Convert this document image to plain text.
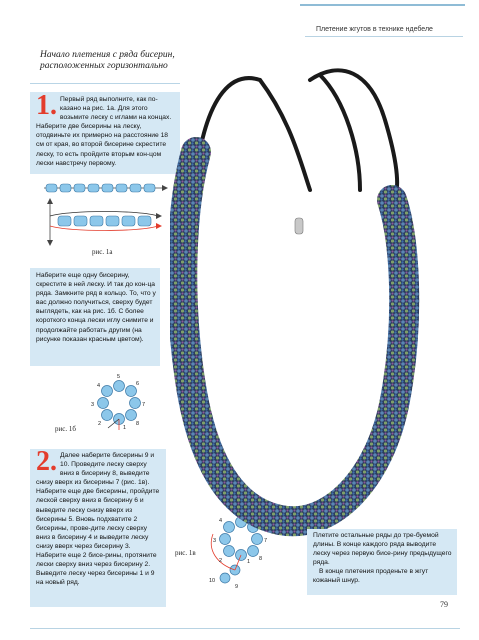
Плетение жгутов в технике ндебеле
Начало плетения с ряда бисерин, расположенных горизонтально
1. Первый ряд выполните, как по-казано на рис. 1а. Для этого возьмите леску с иглами на концах. Наберите две бисерины на леску, отодвиньте их примерно на расстояние 18 см от края, во второй бисерине скрестите леску, то есть пройдите вторым кон-цом лески навстречу первому.
рис. 1а
Наберите еще одну бисерину, скрестите в ней леску. И так до кон-ца ряда. Замкните ряд в кольцо. То, что у вас должно получиться, сверху будет выглядеть, как на рис. 1б. С более короткого конца лески иглу снимите и продолжайте работать другим (на рисунке показан красным цветом).
1
2
3
4
5
6
7
8
рис. 1б
2. Далее наберите бисерины 9 и 10. Проведите леску сверху вниз в бисерину 8, выведите снизу вверх из бисерины 7 (рис. 1в). Наберите еще две бисерины, пройдите леской сверху вниз в бисерину 6 и выведите леску снизу вверх из бисерины 5. Вновь подхватите 2 бисерины, прове-дите леску сверху вниз в бисерину 4 и выведите леску снизу вверх через бисерину 3. Наберите еще 2 бисе-рины, протяните лески сверху вниз через бисерину 2. Выведите леску через бисерины 1 и 9 на новый ряд.
1
2
3
4
5
6
7
8
9
10
рис. 1в
Плетите остальные ряды до тре-буемой длины. В конце каждого ряда выводите леску через первую бисе-рину предыдущего ряда.
В конце плетения проденьте в жгут кожаный шнур.
79
